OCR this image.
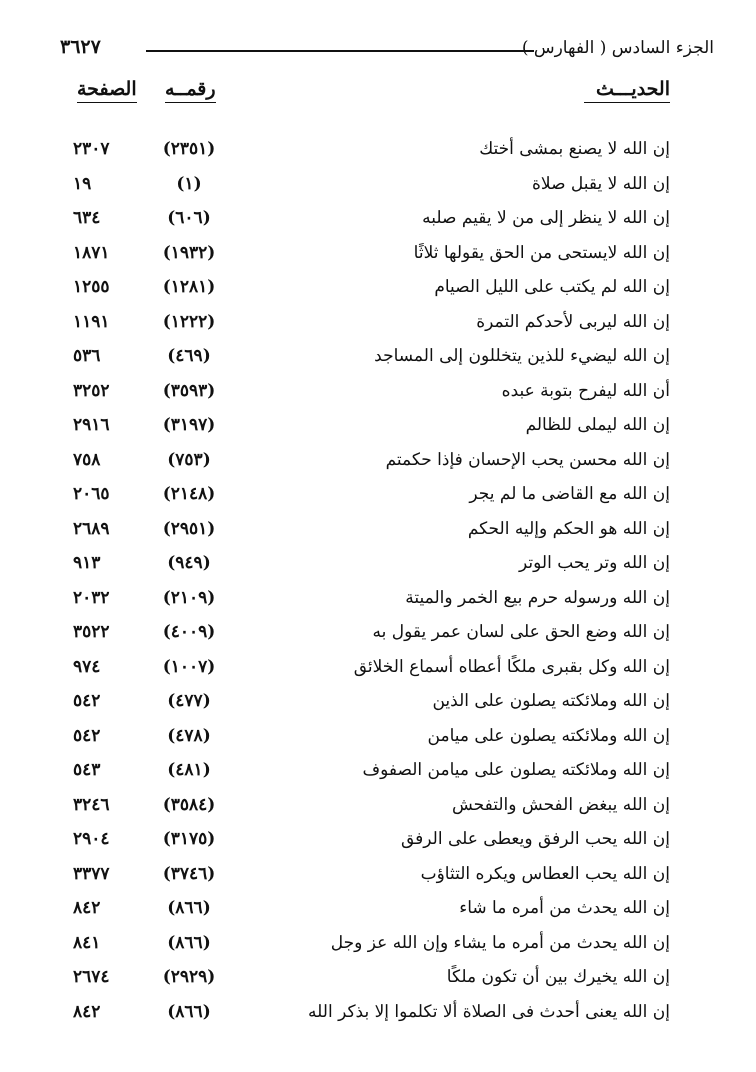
الجزء السادس ( الفهارس )
٣٦٢٧
الحديـــث
رقمــه
الصفحة
إن الله لا يصنع بمشى أختك
(٢٣٥١)
٢٣٠٧
إن الله لا يقبل صلاة
(١)
١٩
إن الله لا ينظر إلى من لا يقيم صلبه
(٦٠٦)
٦٣٤
إن الله لايستحى من الحق يقولها ثلاثًا
(١٩٣٢)
١٨٧١
إن الله لم يكتب على الليل الصيام
(١٢٨١)
١٢٥٥
إن الله ليربى لأحدكم التمرة
(١٢٢٢)
١١٩١
إن الله ليضيء للذين يتخللون إلى المساجد
(٤٦٩)
٥٣٦
أن الله ليفرح بتوبة عبده
(٣٥٩٣)
٣٢٥٢
إن الله ليملى للظالم
(٣١٩٧)
٢٩١٦
إن الله محسن يحب الإحسان فإذا حكمتم
(٧٥٣)
٧٥٨
إن الله مع القاضى ما لم يجر
(٢١٤٨)
٢٠٦٥
إن الله هو الحكم وإليه الحكم
(٢٩٥١)
٢٦٨٩
إن الله وتر يحب الوتر
(٩٤٩)
٩١٣
إن الله ورسوله حرم بيع الخمر والميتة
(٢١٠٩)
٢٠٣٢
إن الله وضع الحق على لسان عمر يقول به
(٤٠٠٩)
٣٥٢٢
إن الله وكل بقبرى ملكًا أعطاه أسماع الخلائق
(١٠٠٧)
٩٧٤
إن الله وملائكته يصلون على الذين
(٤٧٧)
٥٤٢
إن الله وملائكته يصلون على ميامن
(٤٧٨)
٥٤٢
إن الله وملائكته يصلون على ميامن الصفوف
(٤٨١)
٥٤٣
إن الله يبغض الفحش والتفحش
(٣٥٨٤)
٣٢٤٦
إن الله يحب الرفق ويعطى على الرفق
(٣١٧٥)
٢٩٠٤
إن الله يحب العطاس ويكره التثاؤب
(٣٧٤٦)
٣٣٧٧
إن الله يحدث من أمره ما شاء
(٨٦٦)
٨٤٢
إن الله يحدث من أمره ما يشاء وإن الله عز وجل
(٨٦٦)
٨٤١
إن الله يخيرك بين أن تكون ملكًا
(٢٩٢٩)
٢٦٧٤
إن الله يعنى أحدث فى الصلاة ألا تكلموا إلا بذكر الله
(٨٦٦)
٨٤٢
